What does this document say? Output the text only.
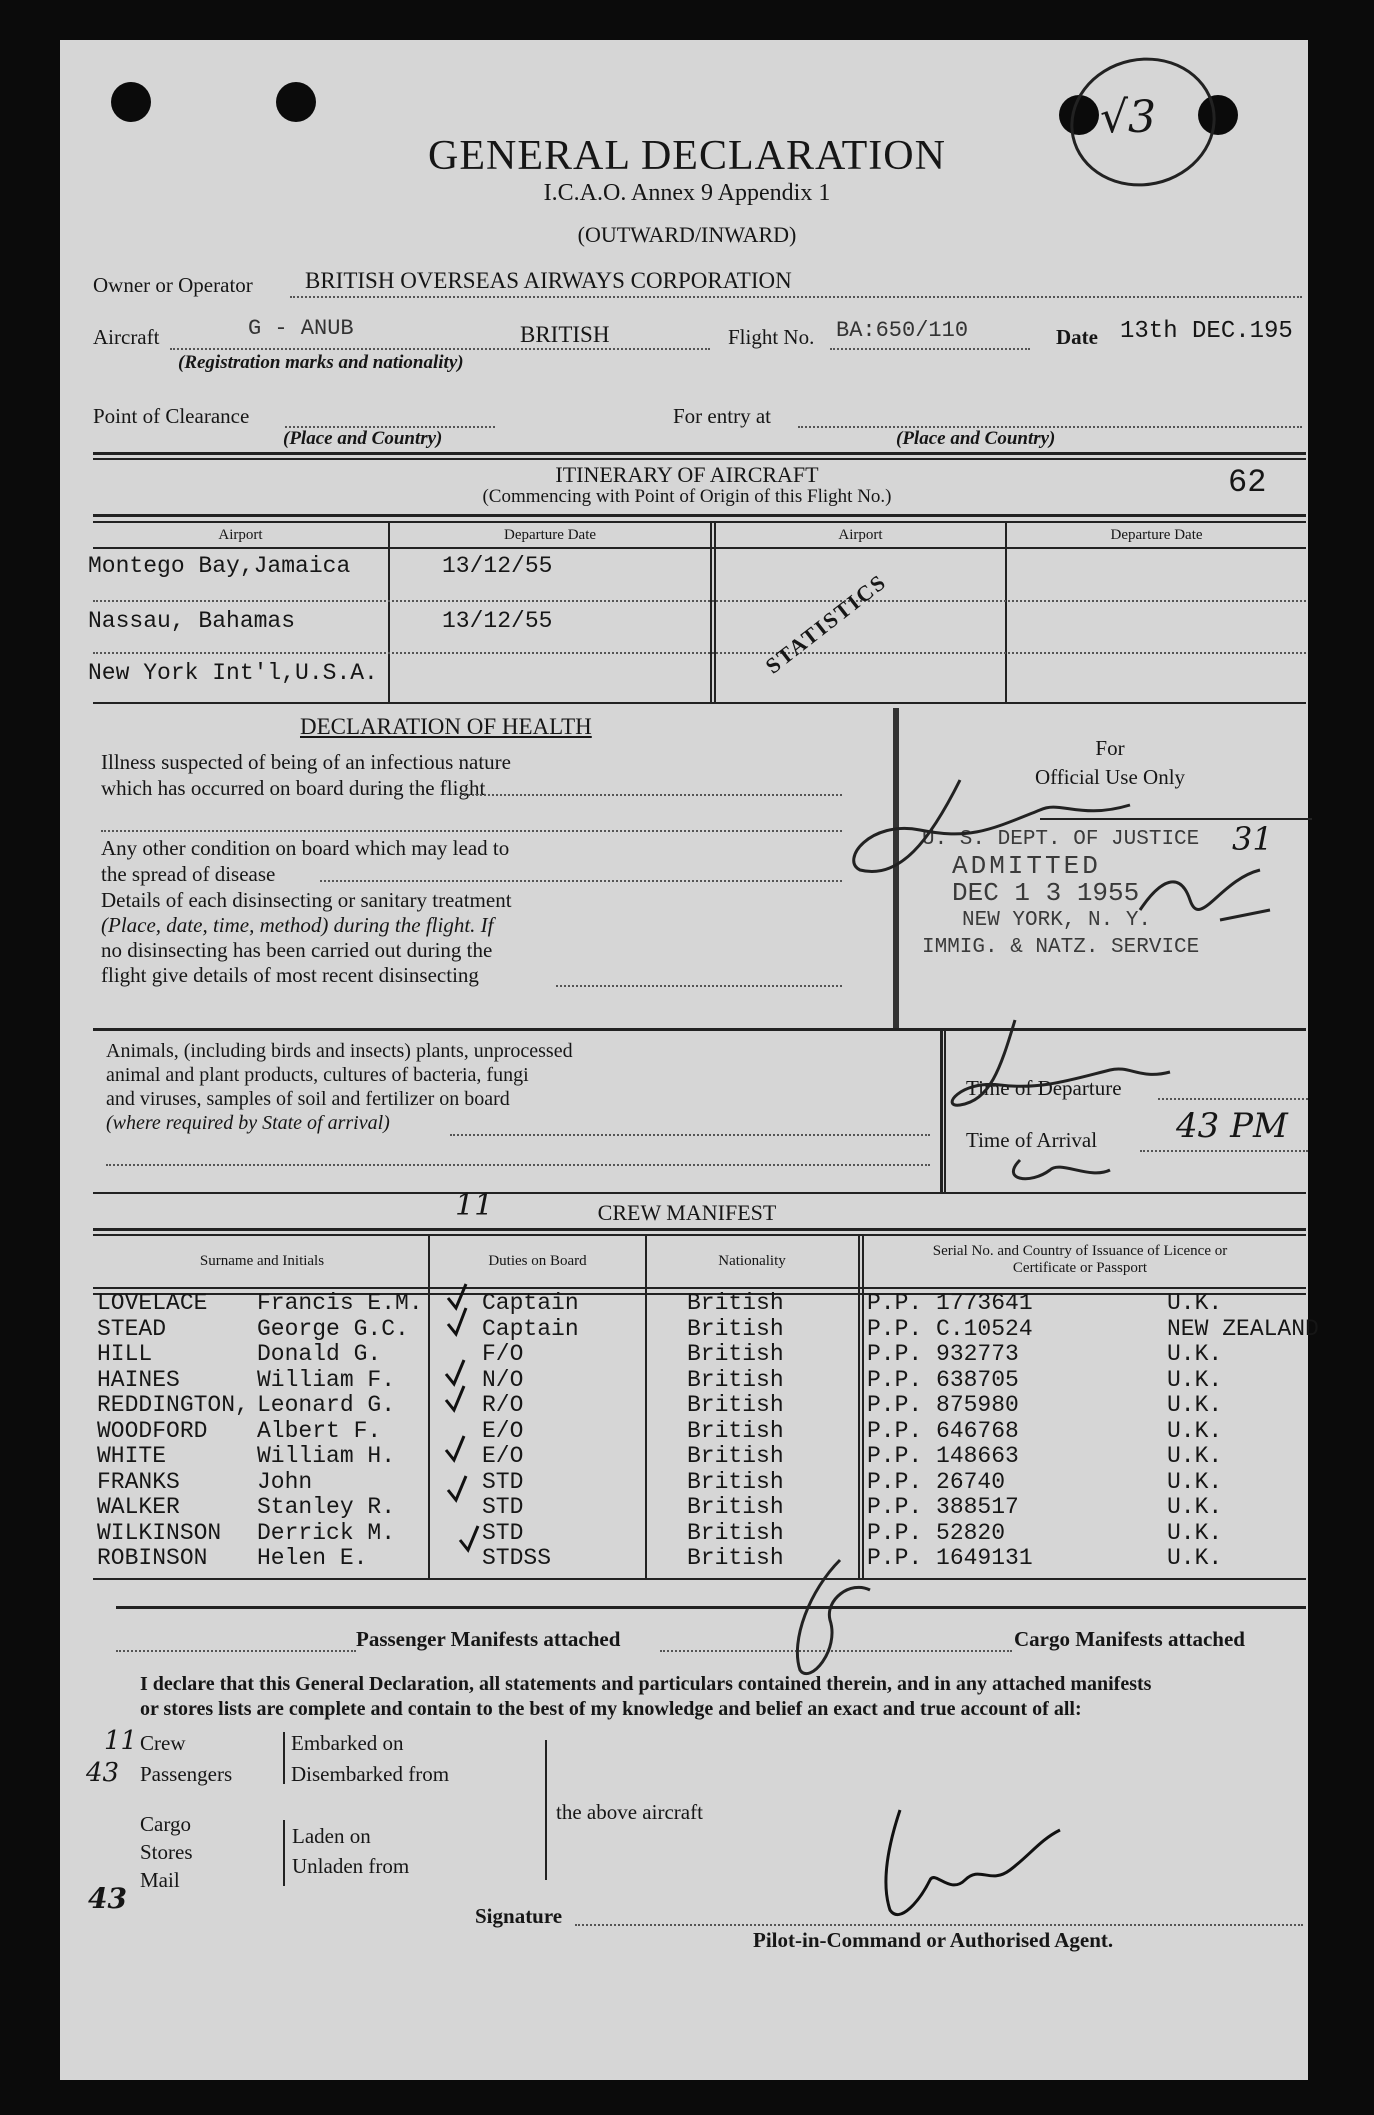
√3
GENERAL DECLARATION
I.C.A.O. Annex 9 Appendix 1
(OUTWARD/INWARD)
Owner or Operator BRITISH OVERSEAS AIRWAYS CORPORATION
Aircraft	G - ANUB	BRITISH
(Registration marks and nationality)
Flight No. BA:650/110	Date 13th DEC.195
Point of Clearance
(Place and Country)
For entry at
(Place and Country)
ITINERARY OF AIRCRAFT
(Commencing with Point of Origin of this Flight No.)	62
Airport	Departure Date	Airport	Departure Date
Montego Bay,Jamaica	13/12/55
Nassau, Bahamas	13/12/55
New York Int'l,U.S.A.	STATISTICS
DECLARATION OF HEALTH
Illness suspected of being of an infectious nature
which has occurred on board during the flight
Any other condition on board which may lead to
the spread of disease
Details of each disinsecting or sanitary treatment
(Place, date, time, method) during the flight. If
no disinsecting has been carried out during the
flight give details of most recent disinsecting
For
Official Use Only
U. S. DEPT. OF JUSTICE
ADMITTED
DEC 1 3 1955
NEW YORK, N. Y.
IMMIG. & NATZ. SERVICE
31
Animals, (including birds and insects) plants, unprocessed
animal and plant products, cultures of bacteria, fungi
and viruses, samples of soil and fertilizer on board
(where required by State of arrival)
Time of Departure
Time of Arrival 43 PM
11	CREW MANIFEST
Surname and Initials	Duties on Board	Nationality
Serial No. and Country of Issuance of Licence or Certificate or Passport
LOVELACE Francis E.M.	Captain	British	P.P. 1773641	U.K.
STEAD	George G.C.	Captain	British	P.P. C.10524	NEW ZEALAND
HILL	Donald G.	F/O	British	P.P. 932773	U.K.
HAINES	William F.	N/O	British	P.P. 638705	U.K.
REDDINGTON, Leonard G.	R/O	British	P.P. 875980	U.K.
WOODFORD Albert F.	E/O	British	P.P. 646768	U.K.
WHITE	William H.	E/O	British	P.P. 148663	U.K.
FRANKS	John	STD	British	P.P. 26740	U.K.
WALKER	Stanley R.	STD	British	P.P. 388517	U.K.
WILKINSON Derrick M.	STD	British	P.P. 52820	U.K.
ROBINSON Helen E.	STDSS	British	P.P. 1649131	U.K.
Passenger Manifests attached	Cargo Manifests attached
I declare that this General Declaration, all statements and particulars contained therein, and in any attached manifests
or stores lists are complete and contain to the best of my knowledge and belief an exact and true account of all:
11 Crew
43 Passengers
Embarked on
Disembarked from
the above aircraft
Cargo
Stores
Mail
43
Laden on
Unladen from
Signature
Pilot-in-Command or Authorised Agent.
